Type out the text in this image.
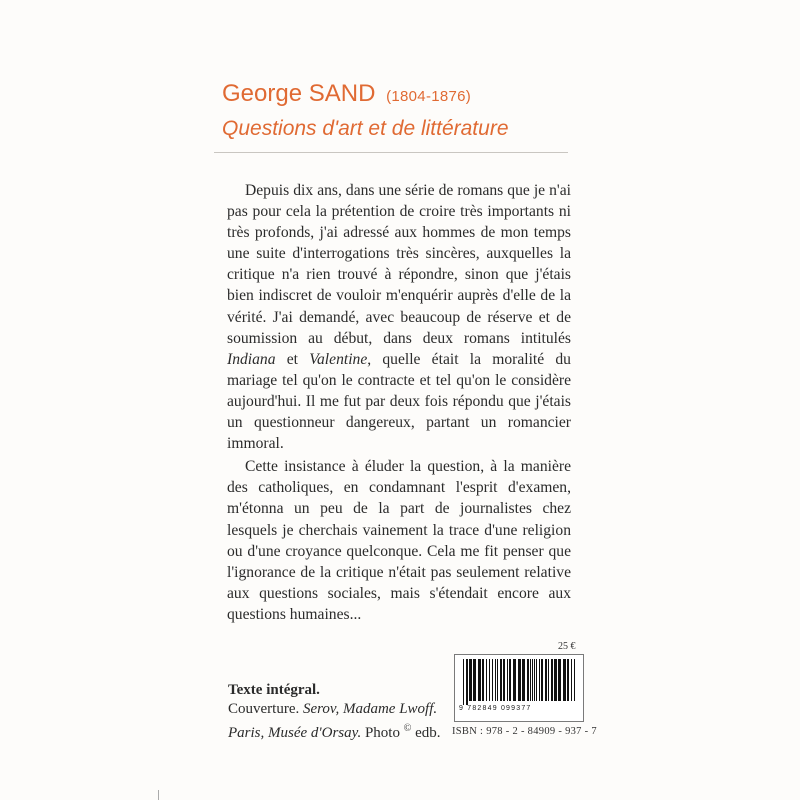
George SAND (1804-1876)
Questions d'art et de littérature

Depuis dix ans, dans une série de romans que je n'ai pas pour cela la prétention de croire très importants ni très profonds, j'ai adressé aux hommes de mon temps une suite d'interrogations très sincères, auxquelles la critique n'a rien trouvé à répondre, sinon que j'étais bien indiscret de vouloir m'enquérir auprès d'elle de la vérité. J'ai demandé, avec beaucoup de réserve et de soumission au début, dans deux romans intitulés Indiana et Valentine, quelle était la moralité du mariage tel qu'on le contracte et tel qu'on le considère aujourd'hui. Il me fut par deux fois répondu que j'étais un questionneur dangereux, partant un romancier immoral.

Cette insistance à éluder la question, à la manière des catholiques, en condamnant l'esprit d'examen, m'étonna un peu de la part de journalistes chez lesquels je cherchais vainement la trace d'une religion ou d'une croyance quelconque. Cela me fit penser que l'ignorance de la critique n'était pas seulement relative aux questions sociales, mais s'étendait encore aux questions humaines...

Texte intégral.
Couverture. Serov, Madame Lwoff.
Paris, Musée d'Orsay. Photo © edb.
25 €
9 782849 099377
ISBN : 978 - 2 - 84909 - 937 - 7
